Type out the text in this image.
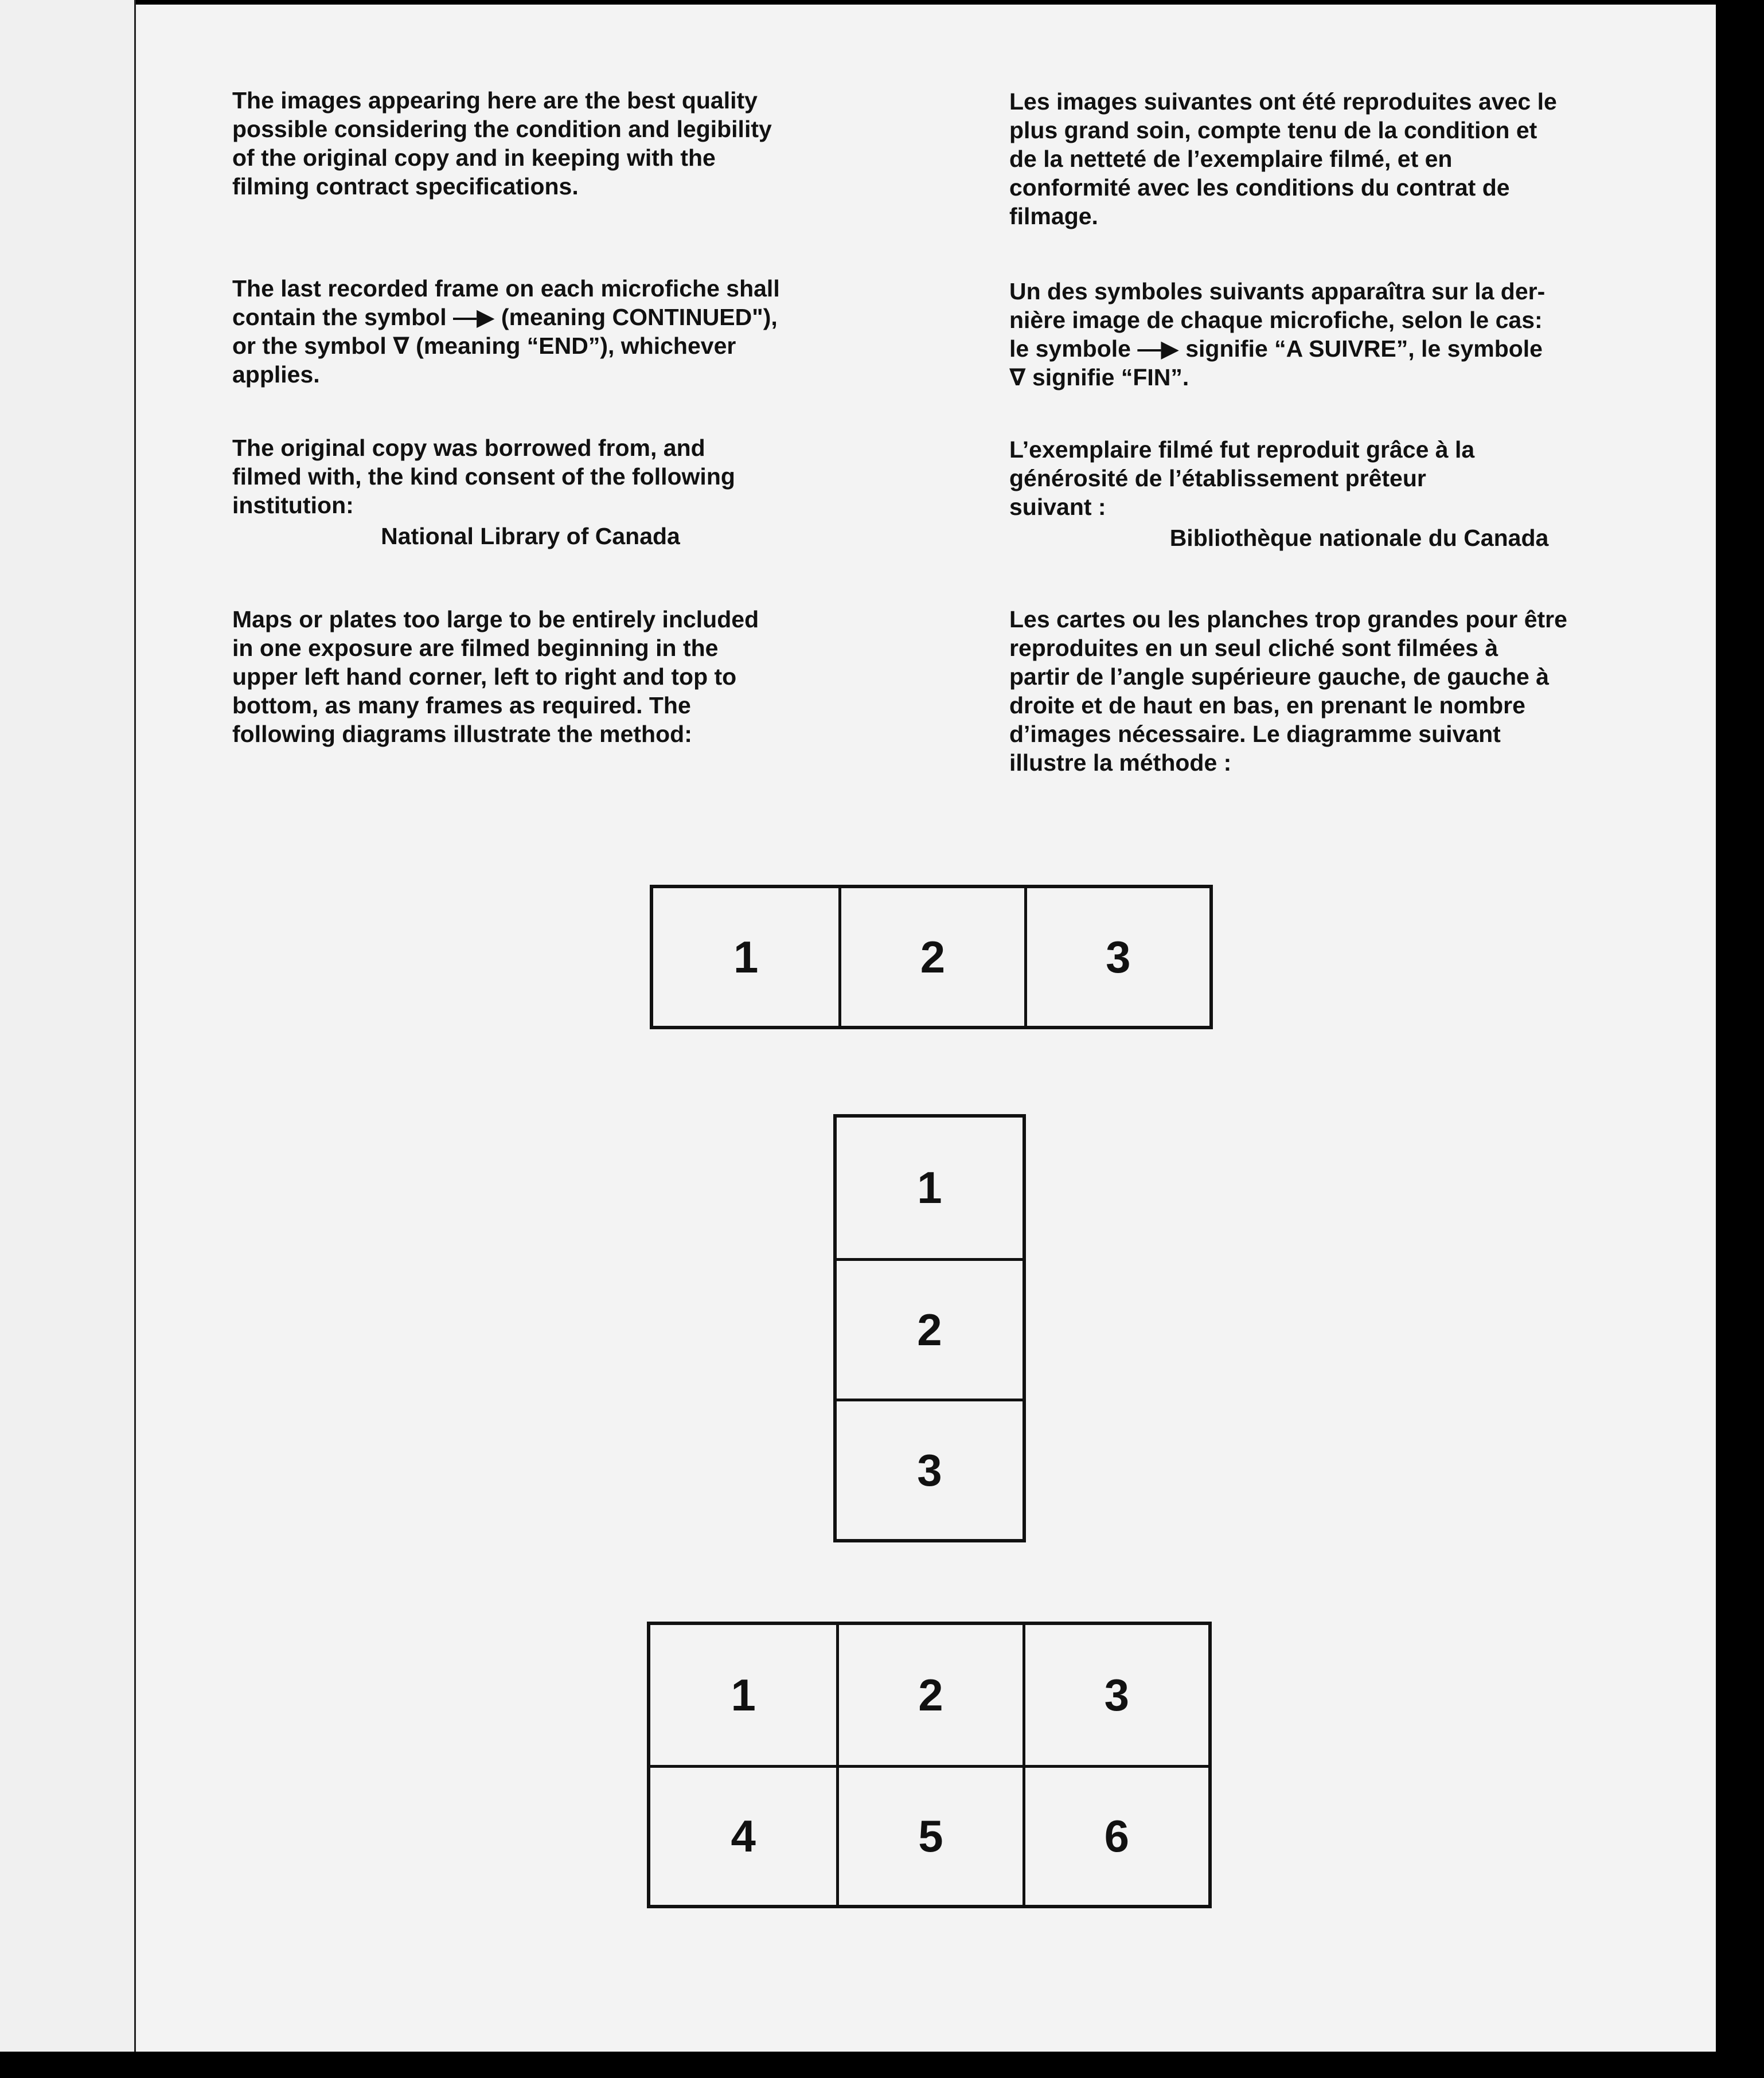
The images appearing here are the best quality
possible considering the condition and legibility
of the original copy and in keeping with the
filming contract specifications.

The last recorded frame on each microfiche shall
contain the symbol —▶ (meaning CONTINUED"),
or the symbol ∇ (meaning “END”), whichever
applies.

The original copy was borrowed from, and
filmed with, the kind consent of the following
institution:

National Library of Canada

Maps or plates too large to be entirely included
in one exposure are filmed beginning in the
upper left hand corner, left to right and top to
bottom, as many frames as required. The
following diagrams illustrate the method:

Les images suivantes ont été reproduites avec le
plus grand soin, compte tenu de la condition et
de la netteté de l’exemplaire filmé, et en
conformité avec les conditions du contrat de
filmage.

Un des symboles suivants apparaîtra sur la der-
nière image de chaque microfiche, selon le cas:
le symbole —▶ signifie “A SUIVRE”, le symbole
∇ signifie “FIN”.

L’exemplaire filmé fut reproduit grâce à la
générosité de l’établissement prêteur
suivant :

Bibliothèque nationale du Canada

Les cartes ou les planches trop grandes pour être
reproduites en un seul cliché sont filmées à
partir de l’angle supérieure gauche, de gauche à
droite et de haut en bas, en prenant le nombre
d’images nécessaire. Le diagramme suivant
illustre la méthode :

1	2	3
1
2
3
1	2	3
4	5	6
